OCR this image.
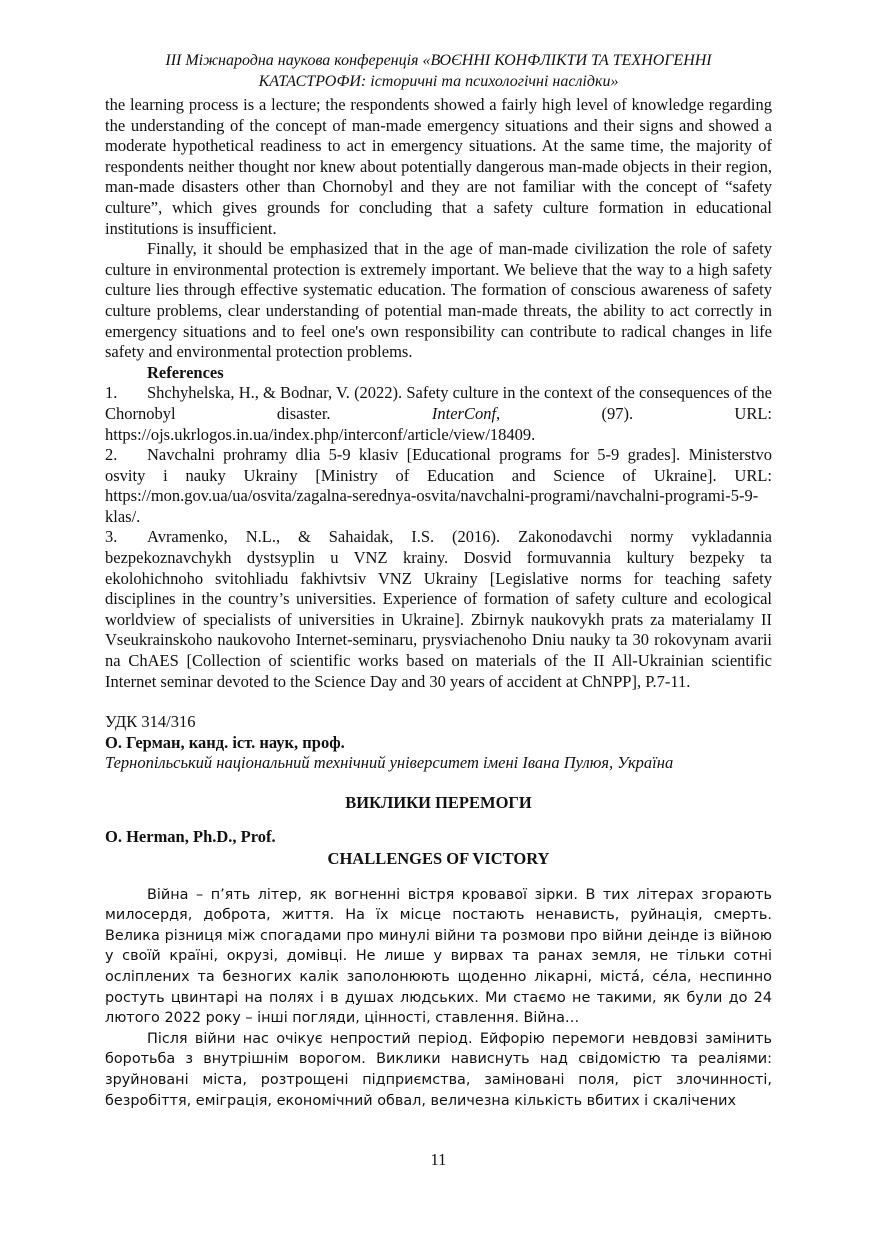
III Міжнародна наукова конференція «ВОЄННІ КОНФЛІКТИ ТА ТЕХНОГЕННІ
КАТАСТРОФИ: історичні та психологічні наслідки»

the learning process is a lecture; the respondents showed a fairly high level of knowledge regarding the understanding of the concept of man-made emergency situations and their signs and showed a moderate hypothetical readiness to act in emergency situations. At the same time, the majority of respondents neither thought nor knew about potentially dangerous man-made objects in their region, man-made disasters other than Chornobyl and they are not familiar with the concept of “safety culture”, which gives grounds for concluding that a safety culture formation in educational institutions is insufficient.

Finally, it should be emphasized that in the age of man-made civilization the role of safety culture in environmental protection is extremely important. We believe that the way to a high safety culture lies through effective systematic education. The formation of conscious awareness of safety culture problems, clear understanding of potential man-made threats, the ability to act correctly in emergency situations and to feel one's own responsibility can contribute to radical changes in life safety and environmental protection problems.

References

1. Shchyhelska, H., & Bodnar, V. (2022). Safety culture in the context of the consequences of the Chornobyl disaster. InterConf, (97). URL: https://ojs.ukrlogos.in.ua/index.php/interconf/article/view/18409.

2. Navchalni prohramy dlia 5-9 klasiv [Educational programs for 5-9 grades]. Ministerstvo osvity i nauky Ukrainy [Ministry of Education and Science of Ukraine]. URL: https://mon.gov.ua/ua/osvita/zagalna-serednya-osvita/navchalni-programi/navchalni-programi-5-9-klas/.

3. Avramenko, N.L., & Sahaidak, I.S. (2016). Zakonodavchi normy vykladannia bezpekoznavchykh dystsyplin u VNZ krainy. Dosvid formuvannia kultury bezpeky ta ekolohichnoho svitohliadu fakhivtsiv VNZ Ukrainy [Legislative norms for teaching safety disciplines in the country’s universities. Experience of formation of safety culture and ecological worldview of specialists of universities in Ukraine]. Zbirnyk naukovykh prats za materialamy II Vseukrainskoho naukovoho Internet-seminaru, prysviachenoho Dniu nauky ta 30 rokovynam avarii na ChAES [Collection of scientific works based on materials of the II All-Ukrainian scientific Internet seminar devoted to the Science Day and 30 years of accident at ChNPP], P.7-11.

УДК 314/316

О. Герман, канд. іст. наук, проф.

Тернопільський національний технічний університет імені Івана Пулюя, Україна

ВИКЛИКИ ПЕРЕМОГИ

O. Herman, Ph.D., Prof.

CHALLENGES OF VICTORY

Війна – п’ять літер, як вогненні вістря кровавої зірки. В тих літерах згорають милосердя, доброта, життя. На їх місце постають ненависть, руйнація, смерть. Велика різниця між спогадами про минулі війни та розмови про війни деінде із війною у своїй країні, окрузі, домівці. Не лише у вирвах та ранах земля, не тільки сотні осліплених та безногих калік заполонюють щоденно лікарні, містá, сéла, неспинно ростуть цвинтарі на полях і в душах людських. Ми стаємо не такими, як були до 24 лютого 2022 року – інші погляди, цінності, ставлення. Війна…

Після війни нас очікує непростий період. Ейфорію перемоги невдовзі замінить боротьба з внутрішнім ворогом. Виклики нависнуть над свідомістю та реаліями: зруйновані міста, розтрощені підприємства, заміновані поля, ріст злочинності, безробіття, еміграція, економічний обвал, величезна кількість вбитих і скалічених

11
